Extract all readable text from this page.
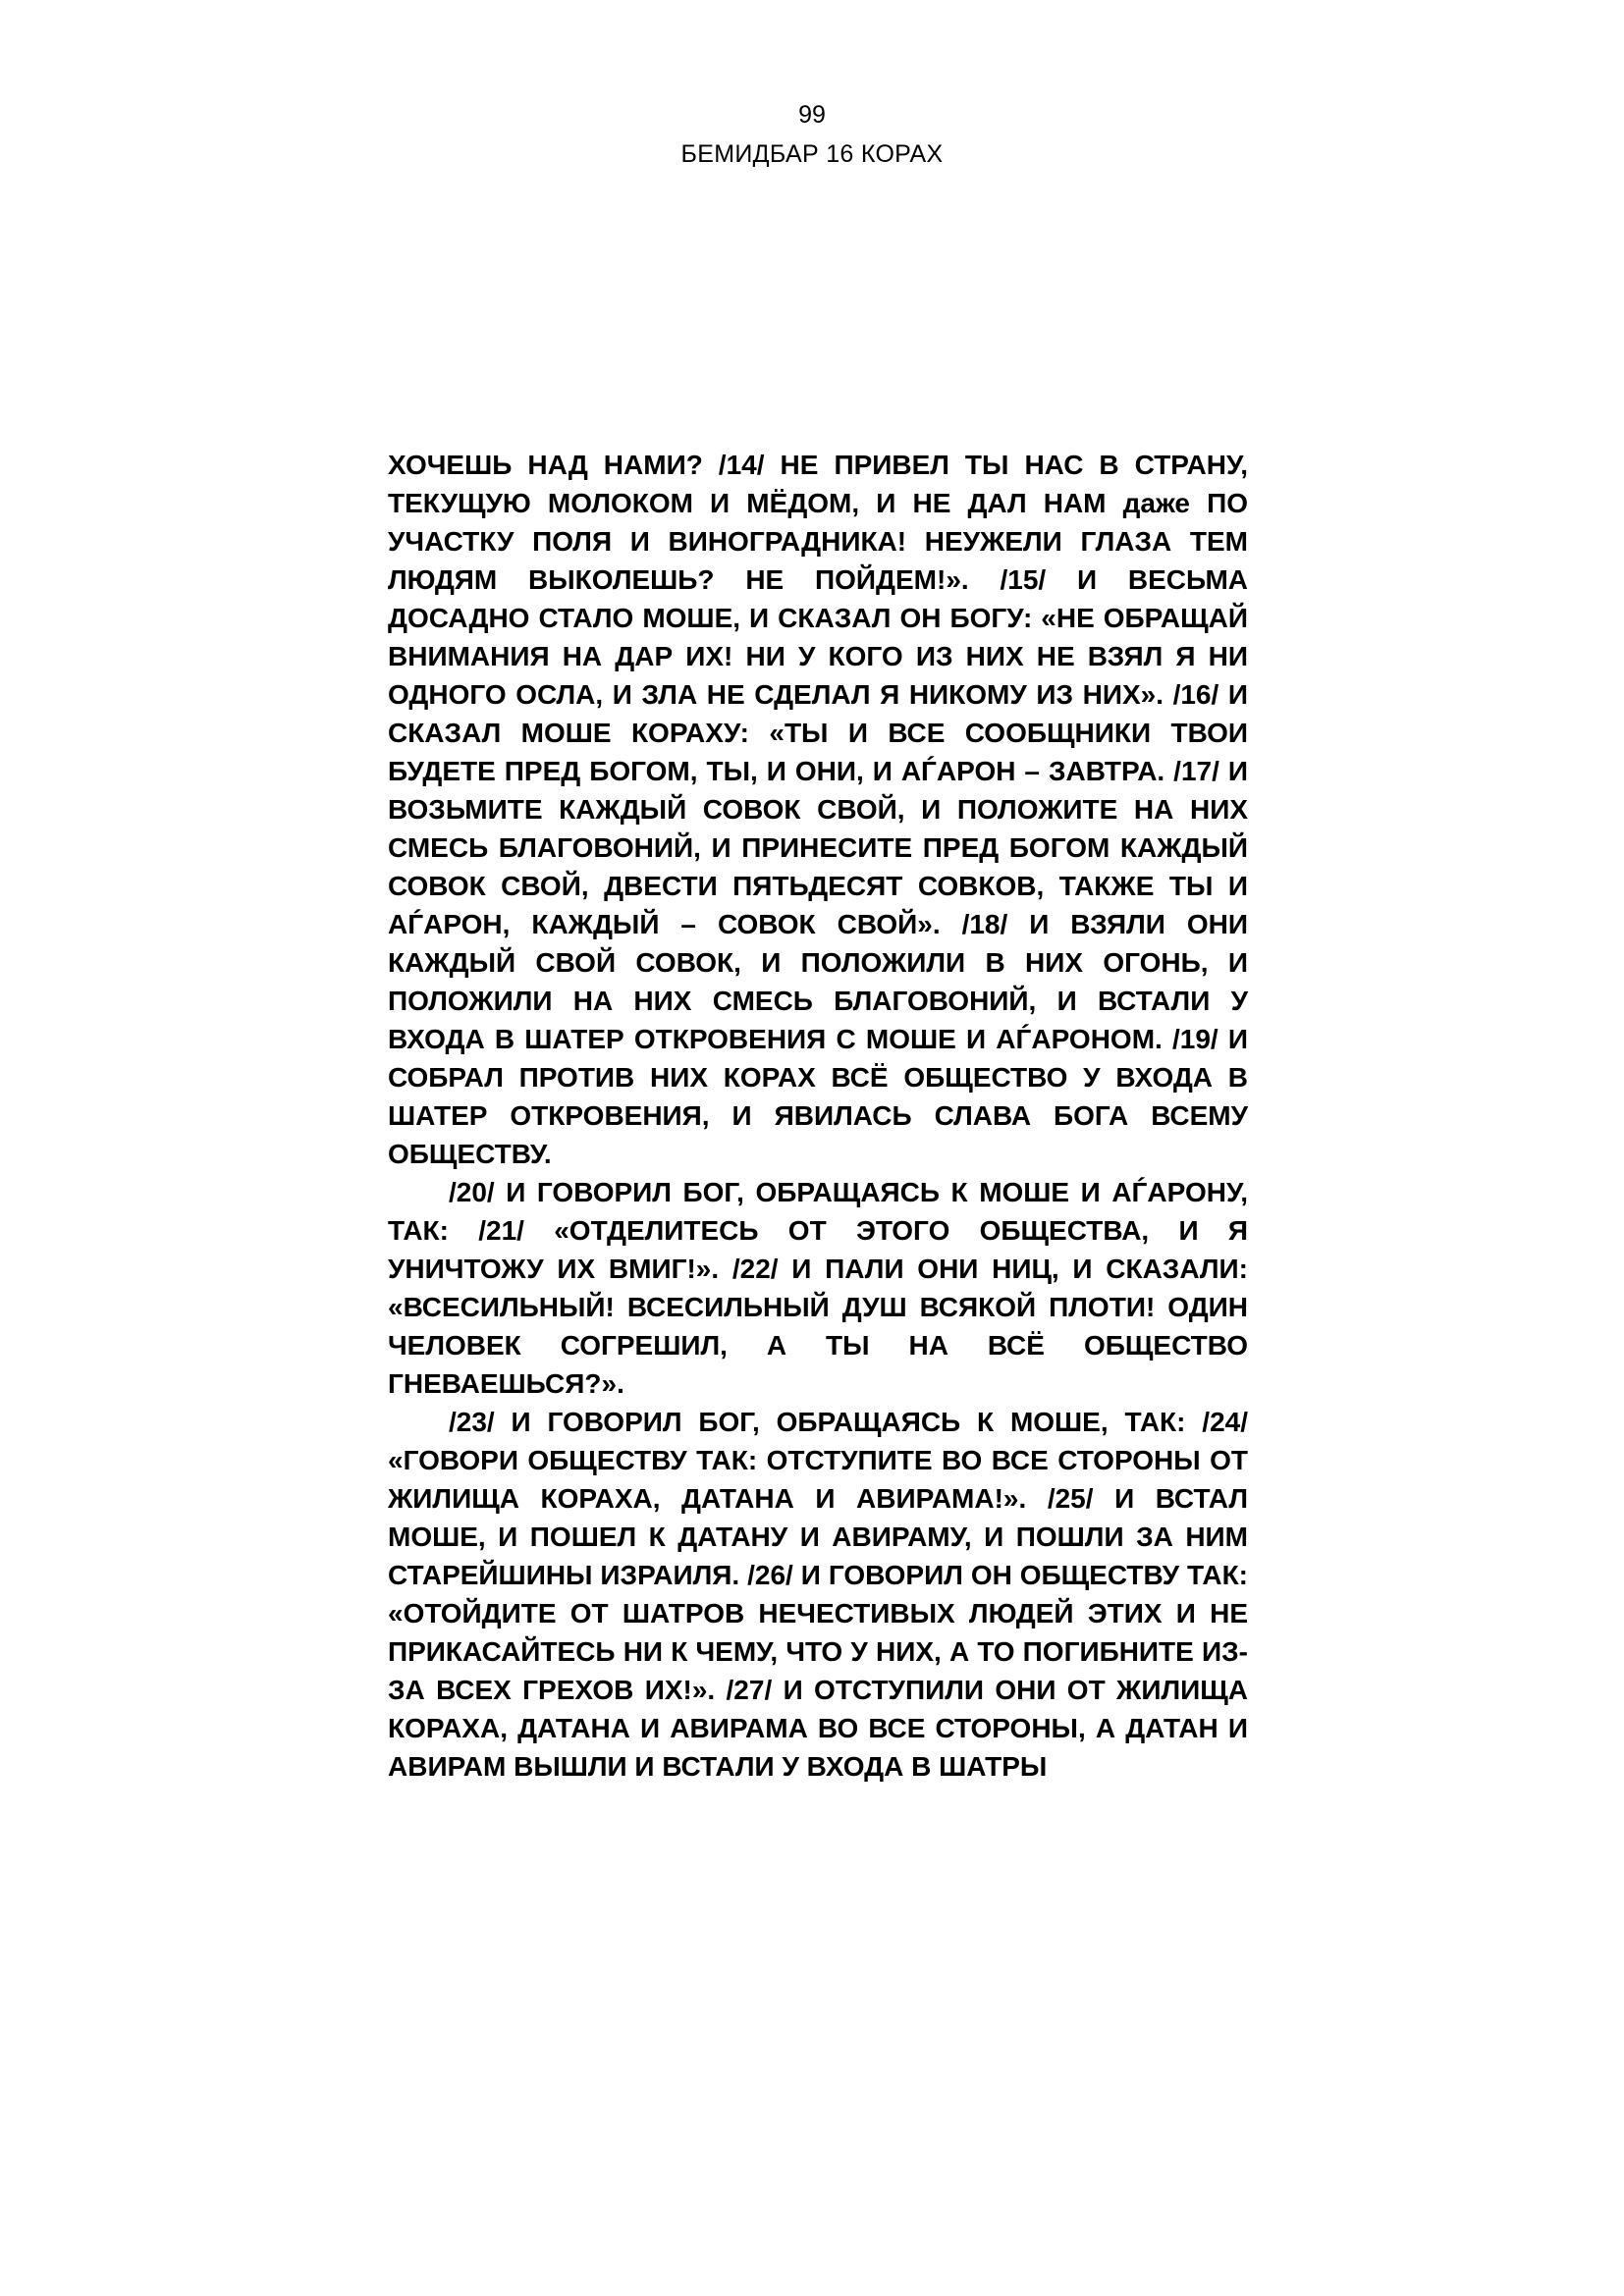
99
БЕМИДБАР 16 КОРАХ

ХОЧЕШЬ НАД НАМИ? /14/ НЕ ПРИВЕЛ ТЫ НАС В СТРАНУ, ТЕКУЩУЮ МОЛОКОМ И МЁДОМ, И НЕ ДАЛ НАМ даже ПО УЧАСТКУ ПОЛЯ И ВИНОГРАДНИКА! НЕУЖЕЛИ ГЛАЗА ТЕМ ЛЮДЯМ ВЫКОЛЕШЬ? НЕ ПОЙДЕМ!». /15/ И ВЕСЬМА ДОСАДНО СТАЛО МОШЕ, И СКАЗАЛ ОН БОГУ: «НЕ ОБРАЩАЙ ВНИМАНИЯ НА ДАР ИХ! НИ У КОГО ИЗ НИХ НЕ ВЗЯЛ Я НИ ОДНОГО ОСЛА, И ЗЛА НЕ СДЕЛАЛ Я НИКОМУ ИЗ НИХ». /16/ И СКАЗАЛ МОШЕ КОРАХУ: «ТЫ И ВСЕ СООБЩНИКИ ТВОИ БУДЕТЕ ПРЕД БОГОМ, ТЫ, И ОНИ, И АЃАРОН – ЗАВТРА. /17/ И ВОЗЬМИТЕ КАЖДЫЙ СОВОК СВОЙ, И ПОЛОЖИТЕ НА НИХ СМЕСЬ БЛАГОВОНИЙ, И ПРИНЕСИТЕ ПРЕД БОГОМ КАЖДЫЙ СОВОК СВОЙ, ДВЕСТИ ПЯТЬДЕСЯТ СОВКОВ, ТАКЖЕ ТЫ И АЃАРОН, КАЖДЫЙ – СОВОК СВОЙ». /18/ И ВЗЯЛИ ОНИ КАЖДЫЙ СВОЙ СОВОК, И ПОЛОЖИЛИ В НИХ ОГОНЬ, И ПОЛОЖИЛИ НА НИХ СМЕСЬ БЛАГОВОНИЙ, И ВСТАЛИ У ВХОДА В ШАТЕР ОТКРОВЕНИЯ С МОШЕ И АЃАРОНОМ. /19/ И СОБРАЛ ПРОТИВ НИХ КОРАХ ВСЁ ОБЩЕСТВО У ВХОДА В ШАТЕР ОТКРОВЕНИЯ, И ЯВИЛАСЬ СЛАВА БОГА ВСЕМУ ОБЩЕСТВУ.

/20/ И ГОВОРИЛ БОГ, ОБРАЩАЯСЬ К МОШЕ И АЃАРОНУ, ТАК: /21/ «ОТДЕЛИТЕСЬ ОТ ЭТОГО ОБЩЕСТВА, И Я УНИЧТОЖУ ИХ ВМИГ!». /22/ И ПАЛИ ОНИ НИЦ, И СКАЗАЛИ: «ВСЕСИЛЬНЫЙ! ВСЕСИЛЬНЫЙ ДУШ ВСЯКОЙ ПЛОТИ! ОДИН ЧЕЛОВЕК СОГРЕШИЛ, А ТЫ НА ВСЁ ОБЩЕСТВО ГНЕВАЕШЬСЯ?».

/23/ И ГОВОРИЛ БОГ, ОБРАЩАЯСЬ К МОШЕ, ТАК: /24/ «ГОВОРИ ОБЩЕСТВУ ТАК: ОТСТУПИТЕ ВО ВСЕ СТОРОНЫ ОТ ЖИЛИЩА КОРАХА, ДАТАНА И АВИРАМА!». /25/ И ВСТАЛ МОШЕ, И ПОШЕЛ К ДАТАНУ И АВИРАМУ, И ПОШЛИ ЗА НИМ СТАРЕЙШИНЫ ИЗРАИЛЯ. /26/ И ГОВОРИЛ ОН ОБЩЕСТВУ ТАК: «ОТОЙДИТЕ ОТ ШАТРОВ НЕЧЕСТИВЫХ ЛЮДЕЙ ЭТИХ И НЕ ПРИКАСАЙТЕСЬ НИ К ЧЕМУ, ЧТО У НИХ, А ТО ПОГИБНИТЕ ИЗ-ЗА ВСЕХ ГРЕХОВ ИХ!». /27/ И ОТСТУПИЛИ ОНИ ОТ ЖИЛИЩА КОРАХА, ДАТАНА И АВИРАМА ВО ВСЕ СТОРОНЫ, А ДАТАН И АВИРАМ ВЫШЛИ И ВСТАЛИ У ВХОДА В ШАТРЫ
